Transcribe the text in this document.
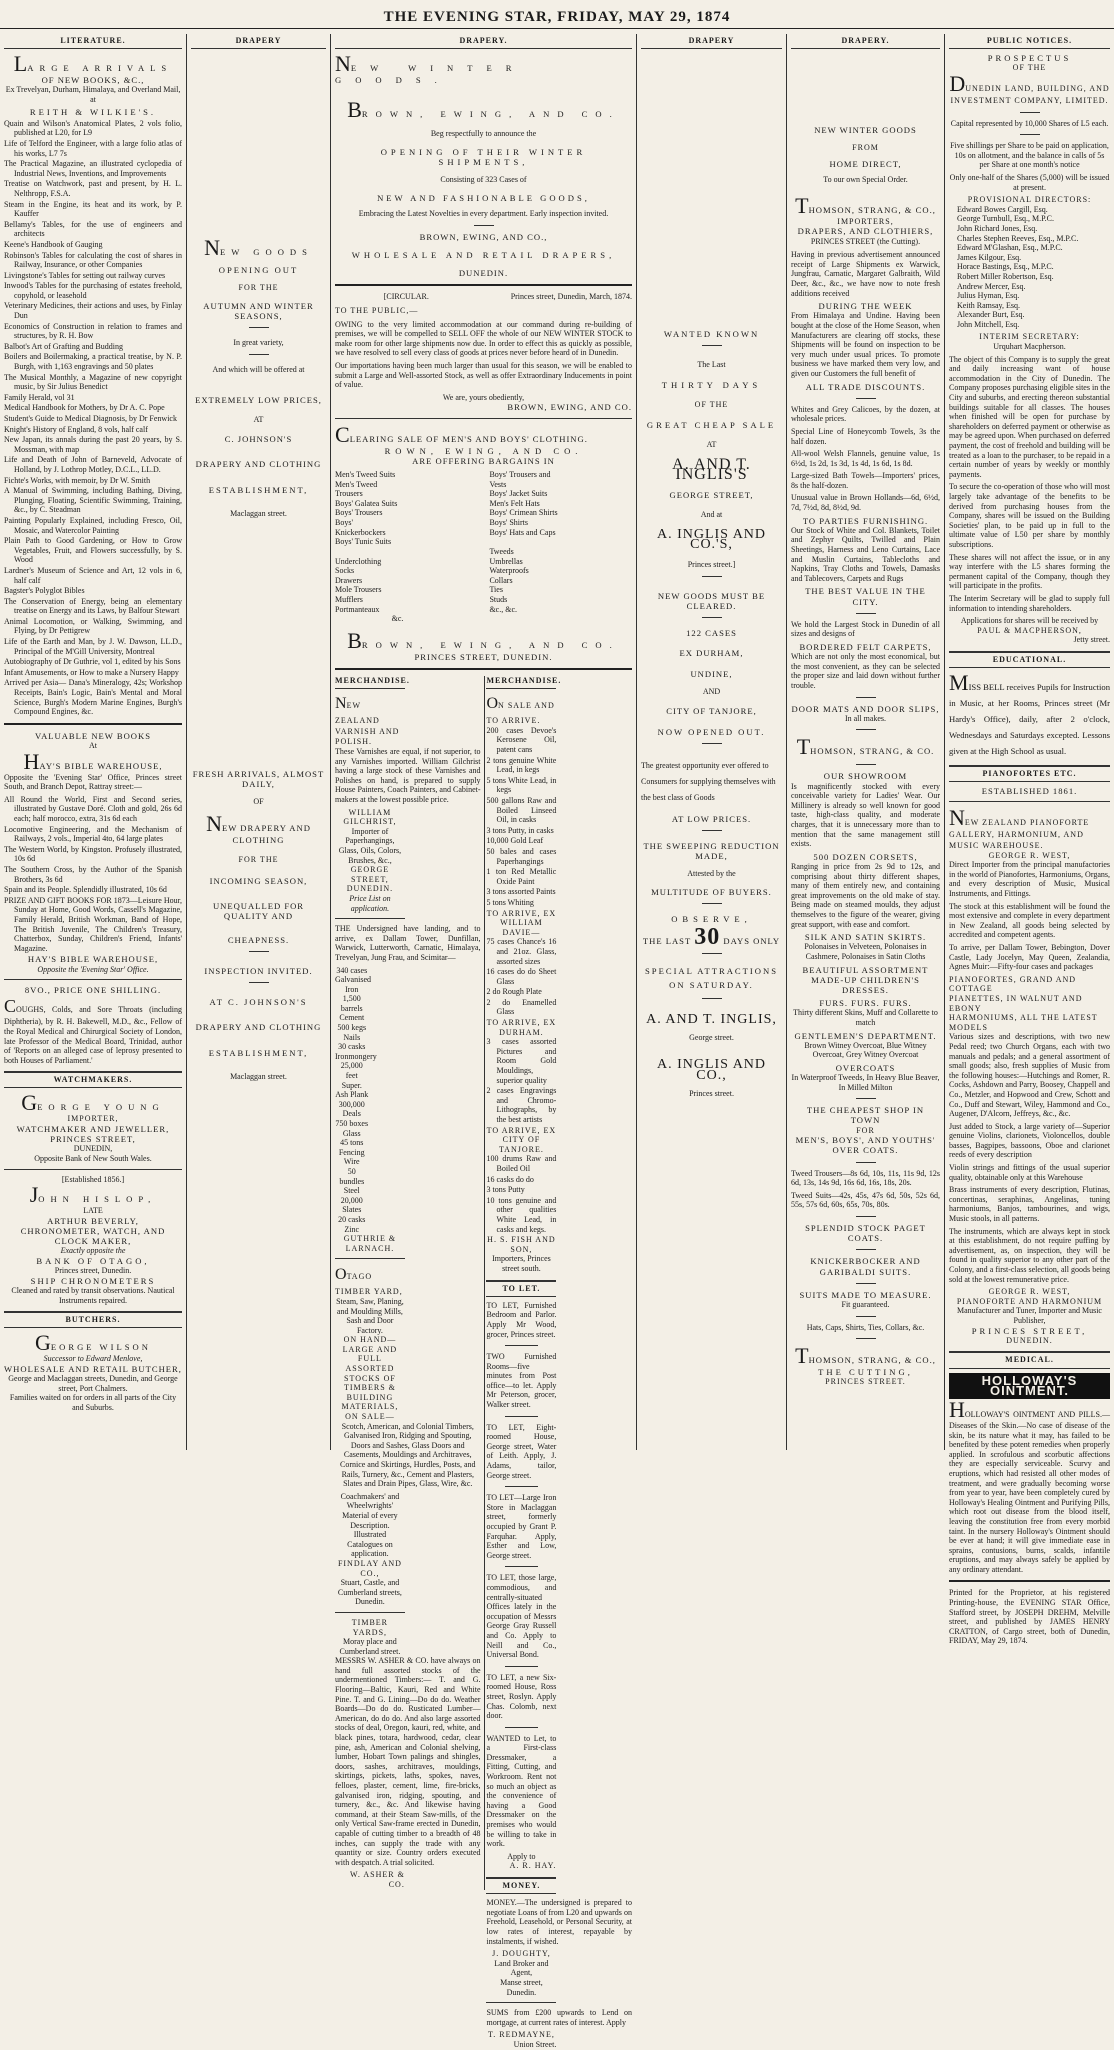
THE EVENING STAR, FRIDAY, MAY 29, 1874
LITERATURE.
LARGE ARRIVALS
OF NEW BOOKS, &C.,
Ex Trevelyan, Durham, Himalaya, and Overland Mail, at
REITH & WILKIE'S.

Quain and Wilson's Anatomical Plates, 2 vols folio, published at L20, for L9

Life of Telford the Engineer, with a large folio atlas of his works, L7 7s

The Practical Magazine, an illustrated cyclopedia of Industrial News, Inventions, and Improvements

Treatise on Watchwork, past and present, by H. L. Nelthropp, F.S.A.

Steam in the Engine, its heat and its work, by P. Kauffer

Bellamy's Tables, for the use of engineers and architects

Keene's Handbook of Gauging

Robinson's Tables for calculating the cost of shares in Railway, Insurance, or other Companies

Livingstone's Tables for setting out railway curves

Inwood's Tables for the purchasing of estates freehold, copyhold, or leasehold

Veterinary Medicines, their actions and uses, by Finlay Dun

Economics of Construction in relation to frames and structures, by R. H. Bow

Balbot's Art of Grafting and Budding

Boilers and Boilermaking, a practical treatise, by N. P. Burgh, with 1,163 engravings and 50 plates

The Musical Monthly, a Magazine of new copyright music, by Sir Julius Benedict

Family Herald, vol 31

Medical Handbook for Mothers, by Dr A. C. Pope

Student's Guide to Medical Diagnosis, by Dr Fenwick

Knight's History of England, 8 vols, half calf

New Japan, its annals during the past 20 years, by S. Mossman, with map

Life and Death of John of Barneveld, Advocate of Holland, by J. Lothrop Motley, D.C.L., LL.D.

Fichte's Works, with memoir, by Dr W. Smith

A Manual of Swimming, including Bathing, Diving, Plunging, Floating, Scientific Swimming, Training, &c., by C. Steadman

Painting Popularly Explained, including Fresco, Oil, Mosaic, and Watercolor Painting

Plain Path to Good Gardening, or How to Grow Vegetables, Fruit, and Flowers successfully, by S. Wood

Lardner's Museum of Science and Art, 12 vols in 6, half calf

Bagster's Polyglot Bibles

The Conservation of Energy, being an elementary treatise on Energy and its Laws, by Balfour Stewart

Animal Locomotion, or Walking, Swimming, and Flying, by Dr Pettigrew

Life of the Earth and Man, by J. W. Dawson, LL.D., Principal of the M'Gill University, Montreal

Autobiography of Dr Guthrie, vol 1, edited by his Sons

Infant Amusements, or How to make a Nursery Happy

Arrived per Asia— Dana's Mineralogy, 42s; Workshop Receipts, Bain's Logic, Bain's Mental and Moral Science, Burgh's Modern Marine Engines, Burgh's Compound Engines, &c.

VALUABLE NEW BOOKS
At
HAY'S BIBLE WAREHOUSE,

Opposite the 'Evening Star' Office, Princes street South, and Branch Depot, Rattray street:—

All Round the World, First and Second series, illustrated by Gustave Doré. Cloth and gold, 26s 6d each; half morocco, extra, 31s 6d each

Locomotive Engineering, and the Mechanism of Railways, 2 vols., Imperial 4to, 64 large plates

The Western World, by Kingston. Profusely illustrated, 10s 6d

The Southern Cross, by the Author of the Spanish Brothers, 3s 6d

Spain and its People. Splendidly illustrated, 10s 6d

PRIZE AND GIFT BOOKS FOR 1873—Leisure Hour, Sunday at Home, Good Words, Cassell's Magazine, Family Herald, British Workman, Band of Hope, The British Juvenile, The Children's Treasury, Chatterbox, Sunday, Children's Friend, Infants' Magazine.

HAY'S BIBLE WAREHOUSE,
Opposite the 'Evening Star' Office.
8VO., PRICE ONE SHILLING.

COUGHS, Colds, and Sore Throats (including Diphtheria), by R. H. Bakewell, M.D., &c., Fellow of the Royal Medical and Chirurgical Society of London, late Professor of the Medical Board, Trinidad, author of 'Reports on an alleged case of leprosy presented to both Houses of Parliament.'

WATCHMAKERS.
GEORGE YOUNG
IMPORTER,
WATCHMAKER AND JEWELLER,
PRINCES STREET,
DUNEDIN,
Opposite Bank of New South Wales.
[Established 1856.]
JOHN HISLOP,
LATE
ARTHUR BEVERLY,
CHRONOMETER, WATCH, AND CLOCK MAKER,
Exactly opposite the
BANK OF OTAGO,
Princes street, Dunedin.
SHIP CHRONOMETERS
Cleaned and rated by transit observations. Nautical Instruments repaired.
BUTCHERS.
GEORGE WILSON
Successor to Edward Menlove,
WHOLESALE AND RETAIL BUTCHER,
George and Maclaggan streets, Dunedin, and George street, Port Chalmers.
Families waited on for orders in all parts of the City and Suburbs.
DRAPERY
NEW GOODS
OPENING OUT
FOR THE
AUTUMN AND WINTER SEASONS,
In great variety,
And which will be offered at
EXTREMELY LOW PRICES,
AT
C. JOHNSON'S
DRAPERY AND CLOTHING
ESTABLISHMENT,
Maclaggan street.
FRESH ARRIVALS, ALMOST DAILY,
OF
NEW DRAPERY AND CLOTHING
FOR THE
INCOMING SEASON,
UNEQUALLED FOR QUALITY AND
CHEAPNESS.
INSPECTION INVITED.
AT C. JOHNSON'S
DRAPERY AND CLOTHING
ESTABLISHMENT,
Maclaggan street.
DRAPERY.
NEW WINTER GOODS.
BROWN, EWING, AND CO.
Beg respectfully to announce the
OPENING OF THEIR WINTER SHIPMENTS,
Consisting of 323 Cases of
NEW AND FASHIONABLE GOODS,
Embracing the Latest Novelties in every department. Early inspection invited.
BROWN, EWING, AND CO.,
WHOLESALE AND RETAIL DRAPERS,
DUNEDIN.
[CIRCULAR.	Princes street, Dunedin, March, 1874.
TO THE PUBLIC,—

OWING to the very limited accommodation at our command during re-building of premises, we will be compelled to SELL OFF the whole of our NEW WINTER STOCK to make room for other large shipments now due. In order to effect this as quickly as possible, we have resolved to sell every class of goods at prices never before heard of in Dunedin.

Our importations having been much larger than usual for this season, we will be enabled to submit a Large and Well-assorted Stock, as well as offer Extraordinary Inducements in point of value.

We are, yours obediently,
BROWN, EWING, AND CO.
CLEARING SALE OF MEN'S AND BOYS' CLOTHING.
ROWN, EWING, AND CO.
ARE OFFERING BARGAINS IN
Men's Tweed Suits
Men's Tweed Trousers
Boys' Galatea Suits
Boys' Trousers
Boys' Knickerbockers
Boys' Tunic Suits
Underclothing
Socks
Drawers
Mole Trousers
Mufflers
Portmanteaux
&c.
Boys' Trousers and Vests
Boys' Jacket Suits
Men's Felt Hats
Boys' Crimean Shirts
Boys' Shirts
Boys' Hats and Caps
Tweeds
Umbrellas
Waterproofs
Collars
Ties
Studs
&c., &c.
BROWN, EWING, AND CO.
PRINCES STREET, DUNEDIN.
MERCHANDISE.
NEW ZEALAND VARNISH AND POLISH.

These Varnishes are equal, if not superior, to any Varnishes imported. William Gilchrist having a large stock of these Varnishes and Polishes on hand, is prepared to supply House Painters, Coach Painters, and Cabinet-makers at the lowest possible price.

WILLIAM GILCHRIST,
Importer of Paperhangings, Glass, Oils, Colors, Brushes, &c.,
GEORGE STREET, DUNEDIN.
Price List on application.

THE Undersigned have landing, and to arrive, ex Dallam Tower, Dunfillan, Warwick, Lutterworth, Carnatic, Himalaya, Trevelyan, Jung Frau, and Scimitar—

340 cases Galvanised Iron
1,500 barrels Cement
500 kegs Nails
30 casks Ironmongery
25,000 feet Super. Ash Plank
300,000 Deals
750 boxes Glass
45 tons Fencing Wire
50 bundles Steel
20,000 Slates
20 casks Zinc
GUTHRIE & LARNACH.
OTAGO TIMBER YARD,
Steam, Saw, Planing, and Moulding Mills, Sash and Door Factory.
ON HAND— LARGE AND FULL ASSORTED STOCKS OF TIMBERS & BUILDING MATERIALS, ON SALE—

Scotch, American, and Colonial Timbers, Galvanised Iron, Ridging and Spouting, Doors and Sashes, Glass Doors and Casements, Mouldings and Architraves, Cornice and Skirtings, Hurdles, Posts, and Rails, Turnery, &c., Cement and Plasters, Slates and Drain Pipes, Glass, Wire, &c.

Coachmakers' and Wheelwrights' Material of every Description.
Illustrated Catalogues on application.
FINDLAY AND CO.,
Stuart, Castle, and Cumberland streets, Dunedin.
TIMBER YARDS,
Moray place and Cumberland street.

MESSRS W. ASHER & CO. have always on hand full assorted stocks of the undermentioned Timbers:— T. and G. Flooring—Baltic, Kauri, Red and White Pine. T. and G. Lining—Do do do. Weather Boards—Do do do. Rusticated Lumber—American, do do do. And also large assorted stocks of deal, Oregon, kauri, red, white, and black pines, totara, hardwood, cedar, clear pine, ash, American and Colonial shelving, lumber, Hobart Town palings and shingles, doors, sashes, architraves, mouldings, skirtings, pickets, laths, spokes, naves, felloes, plaster, cement, lime, fire-bricks, galvanised iron, ridging, spouting, and turnery, &c., &c. And likewise having command, at their Steam Saw-mills, of the only Vertical Saw-frame erected in Dunedin, capable of cutting timber to a breadth of 48 inches, can supply the trade with any quantity or size. Country orders executed with despatch. A trial solicited.

W. ASHER & CO.
MERCHANDISE.
ON SALE AND TO ARRIVE.

200 cases Devoe's Kerosene Oil, patent cans

2 tons genuine White Lead, in kegs

5 tons White Lead, in kegs

500 gallons Raw and Boiled Linseed Oil, in casks

3 tons Putty, in casks

10,000 Gold Leaf

50 bales and cases Paperhangings

1 ton Red Metallic Oxide Paint

3 tons assorted Paints

5 tons Whiting

TO ARRIVE, EX WILLIAM DAVIE—

75 cases Chance's 16 and 21oz. Glass, assorted sizes

16 cases do do Sheet Glass

2 do Rough Plate

2 do Enamelled Glass

TO ARRIVE, EX DURHAM.

3 cases assorted Pictures and Room Gold Mouldings, superior quality

2 cases Engravings and Chromo-Lithographs, by the best artists

TO ARRIVE, EX CITY OF TANJORE.

100 drums Raw and Boiled Oil

16 casks do do

3 tons Putty

10 tons genuine and other qualities White Lead, in casks and kegs.

H. S. FISH AND SON,
Importers, Princes street south.
TO LET.

TO LET, Furnished Bedroom and Parlor. Apply Mr Wood, grocer, Princes street.

TWO Furnished Rooms—five minutes from Post office—to let. Apply Mr Peterson, grocer, Walker street.

TO LET, Eight-roomed House, George street, Water of Leith. Apply, J. Adams, tailor, George street.

TO LET—Large Iron Store in Maclaggan street, formerly occupied by Grant P. Farquhar. Apply, Esther and Low, George street.

TO LET, those large, commodious, and centrally-situated Offices lately in the occupation of Messrs George Gray Russell and Co. Apply to Neill and Co., Universal Bond.

TO LET, a new Six-roomed House, Ross street, Roslyn. Apply Chas. Colomb, next door.

WANTED to Let, to a First-class Dressmaker, a Fitting, Cutting, and Workroom. Rent not so much an object as the convenience of having a Good Dressmaker on the premises who would be willing to take in work.

Apply to
A. R. HAY.
MONEY.

MONEY.—The undersigned is prepared to negotiate Loans of from L20 and upwards on Freehold, Leasehold, or Personal Security, at low rates of interest, repayable by instalments, if wished.

J. DOUGHTY,
Land Broker and Agent,
Manse street, Dunedin.

SUMS from £200 upwards to Lend on mortgage, at current rates of interest. Apply

T. REDMAYNE,
Union Street.
DRAPERY
WANTED KNOWN
The Last
THIRTY DAYS
OF THE
GREAT CHEAP SALE
AT
A. AND T. INGLIS'S
GEORGE STREET,
And at
A. INGLIS AND CO.'S,
Princes street.]
NEW GOODS MUST BE CLEARED.
122 CASES
EX DURHAM,
UNDINE,
AND
CITY OF TANJORE,
NOW OPENED OUT.

The greatest opportunity ever offered to Consumers for supplying themselves with the best class of Goods

AT LOW PRICES.
THE SWEEPING REDUCTION MADE,
Attested by the
MULTITUDE OF BUYERS.
OBSERVE,
THE LAST 30 DAYS ONLY
SPECIAL ATTRACTIONS ON SATURDAY.
A. AND T. INGLIS,
George street.
A. INGLIS AND CO.,
Princes street.
DRAPERY.
NEW WINTER GOODS
FROM
HOME DIRECT,
To our own Special Order.
THOMSON, STRANG, & CO.,
IMPORTERS,
DRAPERS, AND CLOTHIERS,
PRINCES STREET (the Cutting).

Having in previous advertisement announced receipt of Large Shipments ex Warwick, Jungfrau, Carnatic, Margaret Galbraith, Wild Deer, &c., &c., we have now to note fresh additions received

DURING THE WEEK

From Himalaya and Undine. Having been bought at the close of the Home Season, when Manufacturers are clearing off stocks, these Shipments will be found on inspection to be very much under usual prices. To promote business we have marked them very low, and given our Customers the full benefit of

ALL TRADE DISCOUNTS.

Whites and Grey Calicoes, by the dozen, at wholesale prices.

Special Line of Honeycomb Towels, 3s the half dozen.

All-wool Welsh Flannels, genuine value, 1s 6½d, 1s 2d, 1s 3d, 1s 4d, 1s 6d, 1s 8d.

Large-sized Bath Towels—Importers' prices, 8s the half-dozen.

Unusual value in Brown Hollands—6d, 6½d, 7d, 7½d, 8d, 8½d, 9d.

TO PARTIES FURNISHING.

Our Stock of White and Col. Blankets, Toilet and Zephyr Quilts, Twilled and Plain Sheetings, Harness and Leno Curtains, Lace and Muslin Curtains, Tablecloths and Napkins, Tray Cloths and Towels, Damasks and Tablecovers, Carpets and Rugs

THE BEST VALUE IN THE CITY.

We hold the Largest Stock in Dunedin of all sizes and designs of

BORDERED FELT CARPETS,

Which are not only the most economical, but the most convenient, as they can be selected the proper size and laid down without further trouble.

DOOR MATS AND DOOR SLIPS,
In all makes.
THOMSON, STRANG, & CO.
OUR SHOWROOM

Is magnificently stocked with every conceivable variety for Ladies' Wear. Our Millinery is already so well known for good taste, high-class quality, and moderate charges, that it is unnecessary more than to mention that the same management still exists.

500 DOZEN CORSETS,

Ranging in price from 2s 9d to 12s, and comprising about thirty different shapes, many of them entirely new, and containing great improvements on the old make of stay. Being made on steamed moulds, they adjust themselves to the figure of the wearer, giving great support, with ease and comfort.

SILK AND SATIN SKIRTS.
Polonaises in Velveteen, Polonaises in Cashmere, Polonaises in Satin Cloths
BEAUTIFUL ASSORTMENT
MADE-UP CHILDREN'S DRESSES.
FURS. FURS. FURS.
Thirty different Skins, Muff and Collarette to match
GENTLEMEN'S DEPARTMENT.
Brown Witney Overcoat, Blue Witney Overcoat, Grey Witney Overcoat
OVERCOATS
In Waterproof Tweeds, In Heavy Blue Beaver, In Milled Milton
THE CHEAPEST SHOP IN TOWN
FOR
MEN'S, BOYS', AND YOUTHS' OVER COATS.

Tweed Trousers—8s 6d, 10s, 11s, 11s 9d, 12s 6d, 13s, 14s 9d, 16s 6d, 16s, 18s, 20s.

Tweed Suits—42s, 45s, 47s 6d, 50s, 52s 6d, 55s, 57s 6d, 60s, 65s, 70s, 80s.

SPLENDID STOCK PAGET COATS.
KNICKERBOCKER AND GARIBALDI SUITS.
SUITS MADE TO MEASURE.
Fit guaranteed.
Hats, Caps, Shirts, Ties, Collars, &c.
THOMSON, STRANG, & CO.,
THE CUTTING,
PRINCES STREET.
PUBLIC NOTICES.
PROSPECTUS
OF THE
DUNEDIN LAND, BUILDING, AND INVESTMENT COMPANY, LIMITED.
Capital represented by 10,000 Shares of L5 each.

Five shillings per Share to be paid on application, 10s on allotment, and the balance in calls of 5s per Share at one month's notice

Only one-half of the Shares (5,000) will be issued at present.

PROVISIONAL DIRECTORS:
Edward Bowes Cargill, Esq.
George Turnbull, Esq., M.P.C.
John Richard Jones, Esq.
Charles Stephen Reeves, Esq., M.P.C.
Edward M'Glashan, Esq., M.P.C.
James Kilgour, Esq.
Horace Bastings, Esq., M.P.C.
Robert Miller Robertson, Esq.
Andrew Mercer, Esq.
Julius Hyman, Esq.
Keith Ramsay, Esq.
Alexander Burt, Esq.
John Mitchell, Esq.
INTERIM SECRETARY:
Urquhart Macpherson.

The object of this Company is to supply the great and daily increasing want of house accommodation in the City of Dunedin. The Company proposes purchasing eligible sites in the City and suburbs, and erecting thereon substantial buildings suitable for all classes. The houses when finished will be open for purchase by shareholders on deferred payment or otherwise as may be agreed upon. When purchased on deferred payment, the cost of freehold and building will be treated as a loan to the purchaser, to be repaid in a certain number of years by weekly or monthly payments.

To secure the co-operation of those who will most largely take advantage of the benefits to be derived from purchasing houses from the Company, shares will be issued on the Building Societies' plan, to be paid up in full to the ultimate value of L50 per share by monthly subscriptions.

These shares will not affect the issue, or in any way interfere with the L5 shares forming the permanent capital of the Company, though they will participate in the profits.

The Interim Secretary will be glad to supply full information to intending shareholders.

Applications for shares will be received by
PAUL & MACPHERSON,
Jetty street.
EDUCATIONAL.

MISS BELL receives Pupils for Instruction in Music, at her Rooms, Princes street (Mr Hardy's Office), daily, after 2 o'clock, Wednesdays and Saturdays excepted. Lessons given at the High School as usual.

PIANOFORTES ETC.
ESTABLISHED 1861.
NEW ZEALAND PIANOFORTE GALLERY, HARMONIUM, AND MUSIC WAREHOUSE.
GEORGE R. WEST,

Direct Importer from the principal manufactories in the world of Pianofortes, Harmoniums, Organs, and every description of Music, Musical Instruments, and Fittings.

The stock at this establishment will be found the most extensive and complete in every department in New Zealand, all goods being selected by accredited and competent agents.

To arrive, per Dallam Tower, Bebington, Dover Castle, Lady Jocelyn, May Queen, Zealandia, Agnes Muir:—Fifty-four cases and packages

PIANOFORTES, GRAND AND COTTAGE
PIANETTES, IN WALNUT AND EBONY
HARMONIUMS, ALL THE LATEST MODELS

Various sizes and descriptions, with two new Pedal reed; two Church Organs, each with two manuals and pedals; and a general assortment of small goods; also, fresh supplies of Music from the following houses:—Hutchings and Romer, R. Cocks, Ashdown and Parry, Boosey, Chappell and Co., Metzler, and Hopwood and Crew, Schott and Co., Duff and Stewart, Wiley, Hammond and Co., Augener, D'Alcorn, Jeffreys, &c., &c.

Just added to Stock, a large variety of—Superior genuine Violins, clarionets, Violoncellos, double basses, Bagpipes, bassoons, Oboe and clarionet reeds of every description

Violin strings and fittings of the usual superior quality, obtainable only at this Warehouse

Brass instruments of every description, Flutinas, concertinas, seraphinas, Angelinas, tuning harmoniums, Banjos, tambourines, and wigs, Music stools, in all patterns.

The instruments, which are always kept in stock at this establishment, do not require puffing by advertisement, as, on inspection, they will be found in quality superior to any other part of the Colony, and a first-class selection, all goods being sold at the lowest remunerative price.

GEORGE R. WEST,
PIANOFORTE AND HARMONIUM
Manufacturer and Tuner, Importer and Music Publisher,
PRINCES STREET,
DUNEDIN.
MEDICAL.
HOLLOWAY'S OINTMENT.

HOLLOWAY'S OINTMENT AND PILLS.—Diseases of the Skin.—No case of disease of the skin, be its nature what it may, has failed to be benefited by these potent remedies when properly applied. In scrofulous and scorbutic affections they are especially serviceable. Scurvy and eruptions, which had resisted all other modes of treatment, and were gradually becoming worse from year to year, have been completely cured by Holloway's Healing Ointment and Purifying Pills, which root out disease from the blood itself, leaving the constitution free from every morbid taint. In the nursery Holloway's Ointment should be ever at hand; it will give immediate ease in sprains, contusions, burns, scalds, infantile eruptions, and may always safely be applied by any ordinary attendant.

Printed for the Proprietor, at his registered Printing-house, the EVENING STAR Office, Stafford street, by JOSEPH DREHM, Melville street, and published by JAMES HENRY CRATTON, of Cargo street, both of Dunedin, FRIDAY, May 29, 1874.
